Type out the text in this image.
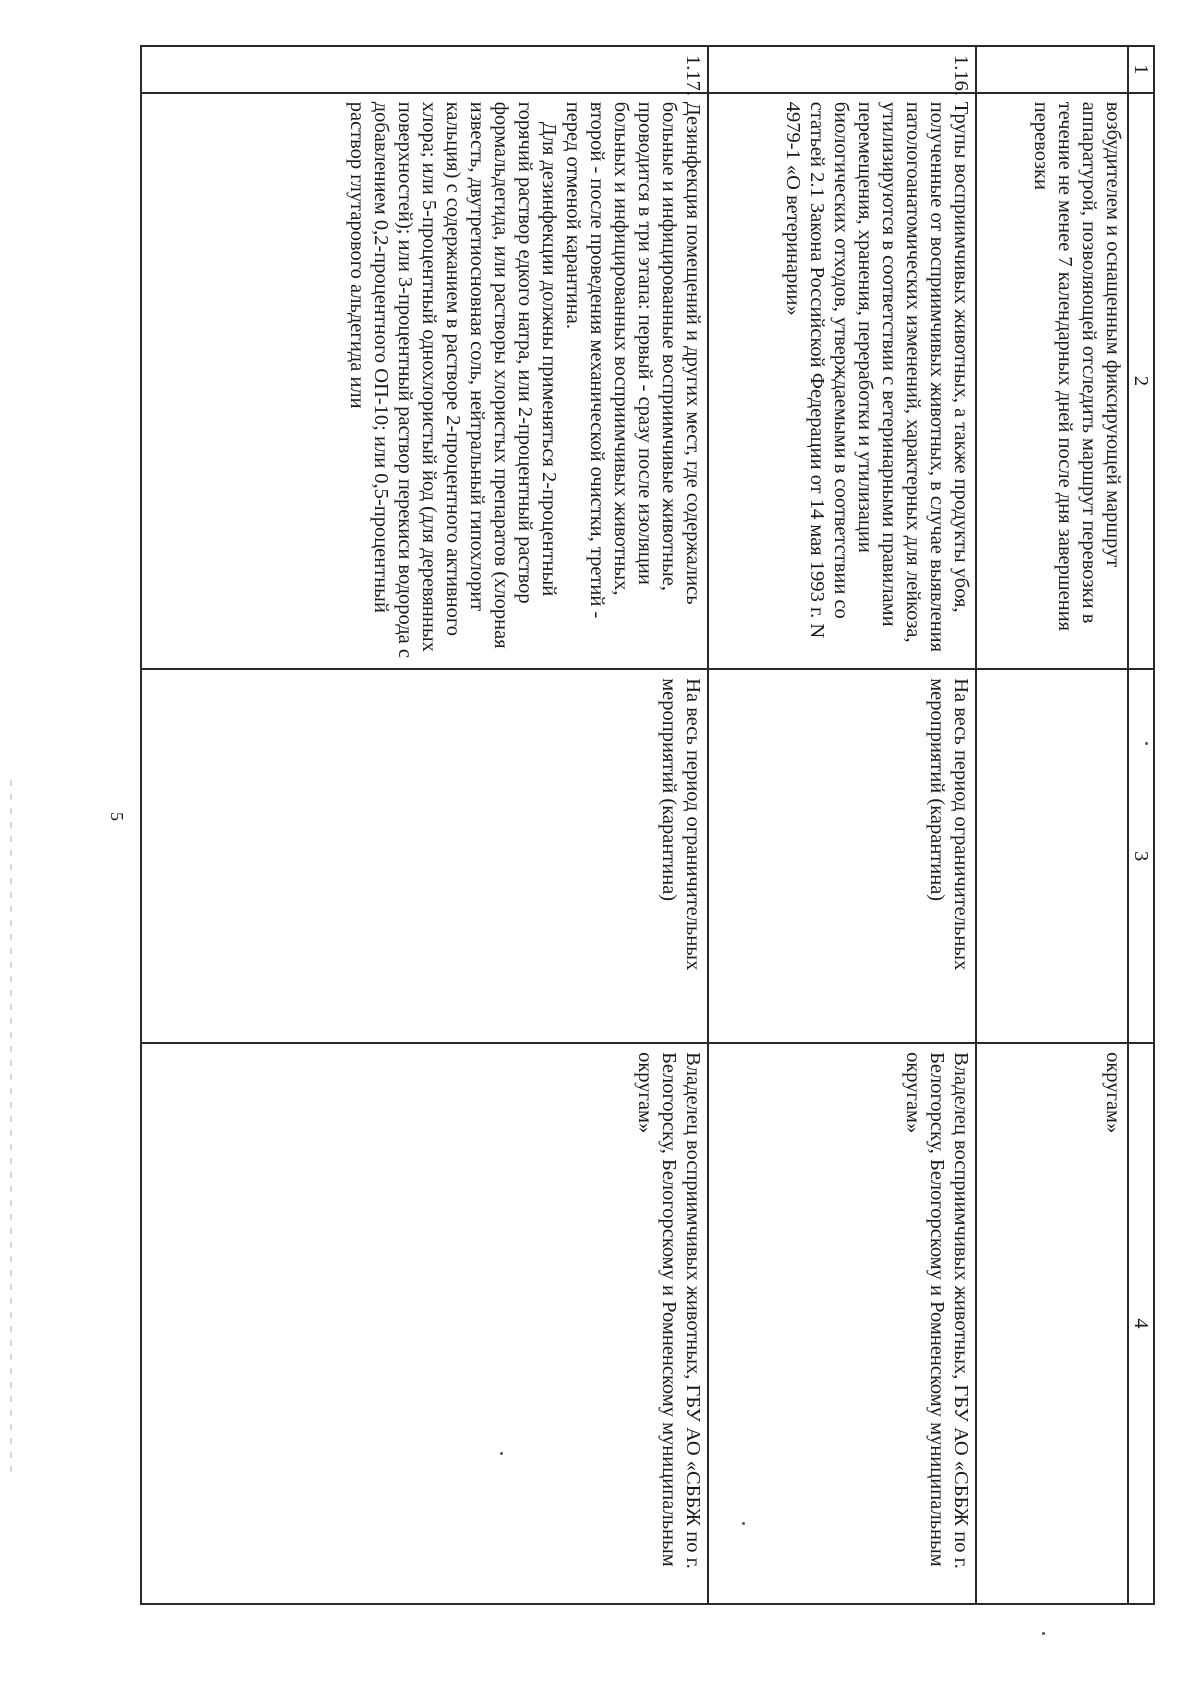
5
1	2	3	4

	возбудителем и оснащенным фиксирующей маршрут аппаратурой, позволяющей отследить маршрут перевозки в течение не менее 7 календарных дней после дня завершения перевозки		округам»
1.16.	Трупы восприимчивых животных, а также продукты убоя, полученные от восприимчивых животных, в случае выявления патологоанатомических изменений, характерных для лейкоза, утилизируются в соответствии с ветеринарными правилами перемещения, хранения, переработки и утилизации биологических отходов, утверждаемыми в соответствии со статьей 2.1 Закона Российской Федерации от 14 мая 1993 г. N 4979-1 «О ветеринарии»	На весь период ограничительных мероприятий (карантина)	Владелец восприимчивых животных, ГБУ АО «СББЖ по г. Белогорску, Белогорскому и Ромненскому муниципальным округам»
1.17.	Дезинфекция помещений и других мест, где содержались больные и инфицированные восприимчивые животные, проводится в три этапа: первый - сразу после изоляции больных и инфицированных восприимчивых животных, второй - после проведения механической очистки, третий - перед отменой карантина.
Для дезинфекции должны применяться 2-процентный горячий раствор едкого натра, или 2-процентный раствор формальдегида, или растворы хлористых препаратов (хлорная известь, двутретиосновная соль, нейтральный гипохлорит кальция) с содержанием в растворе 2-процентного активного хлора; или 5-процентный однохлористый йод (для деревянных поверхностей); или 3-процентный раствор перекиси водорода с добавлением 0,2-процентного ОП-10; или 0,5-процентный раствор глутарового альдегида или	На весь период ограничительных мероприятий (карантина)	Владелец восприимчивых животных, ГБУ АО «СББЖ по г. Белогорску, Белогорскому и Ромненскому муниципальным округам»
